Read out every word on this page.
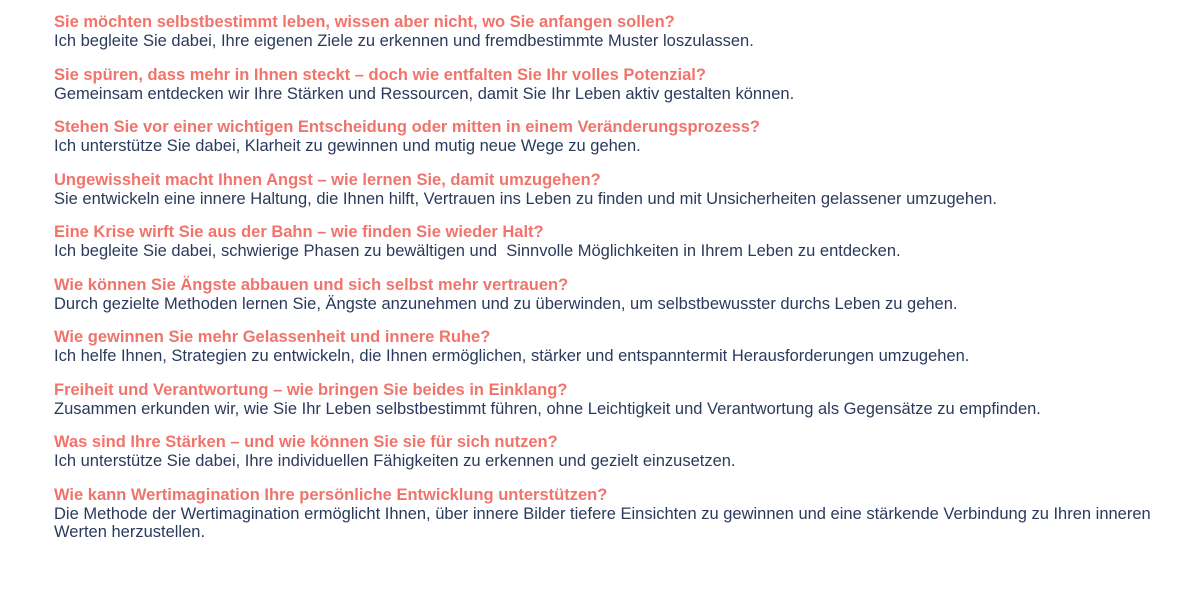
Sie möchten selbstbestimmt leben, wissen aber nicht, wo Sie anfangen sollen?
Ich begleite Sie dabei, Ihre eigenen Ziele zu erkennen und fremdbestimmte Muster loszulassen.
Sie spüren, dass mehr in Ihnen steckt – doch wie entfalten Sie Ihr volles Potenzial?
Gemeinsam entdecken wir Ihre Stärken und Ressourcen, damit Sie Ihr Leben aktiv gestalten können.
Stehen Sie vor einer wichtigen Entscheidung oder mitten in einem Veränderungsprozess?
Ich unterstütze Sie dabei, Klarheit zu gewinnen und mutig neue Wege zu gehen.
Ungewissheit macht Ihnen Angst – wie lernen Sie, damit umzugehen?
Sie entwickeln eine innere Haltung, die Ihnen hilft, Vertrauen ins Leben zu finden und mit Unsicherheiten gelassener umzugehen.
Eine Krise wirft Sie aus der Bahn – wie finden Sie wieder Halt?
Ich begleite Sie dabei, schwierige Phasen zu bewältigen und  Sinnvolle Möglichkeiten in Ihrem Leben zu entdecken.
Wie können Sie Ängste abbauen und sich selbst mehr vertrauen?
Durch gezielte Methoden lernen Sie, Ängste anzunehmen und zu überwinden, um selbstbewusster durchs Leben zu gehen.
Wie gewinnen Sie mehr Gelassenheit und innere Ruhe?
Ich helfe Ihnen, Strategien zu entwickeln, die Ihnen ermöglichen, stärker und entspanntermit Herausforderungen umzugehen.
Freiheit und Verantwortung – wie bringen Sie beides in Einklang?
Zusammen erkunden wir, wie Sie Ihr Leben selbstbestimmt führen, ohne Leichtigkeit und Verantwortung als Gegensätze zu empfinden.
Was sind Ihre Stärken – und wie können Sie sie für sich nutzen?
Ich unterstütze Sie dabei, Ihre individuellen Fähigkeiten zu erkennen und gezielt einzusetzen.
Wie kann Wertimagination Ihre persönliche Entwicklung unterstützen?
Die Methode der Wertimagination ermöglicht Ihnen, über innere Bilder tiefere Einsichten zu gewinnen und eine stärkende Verbindung zu Ihren inneren Werten herzustellen.
